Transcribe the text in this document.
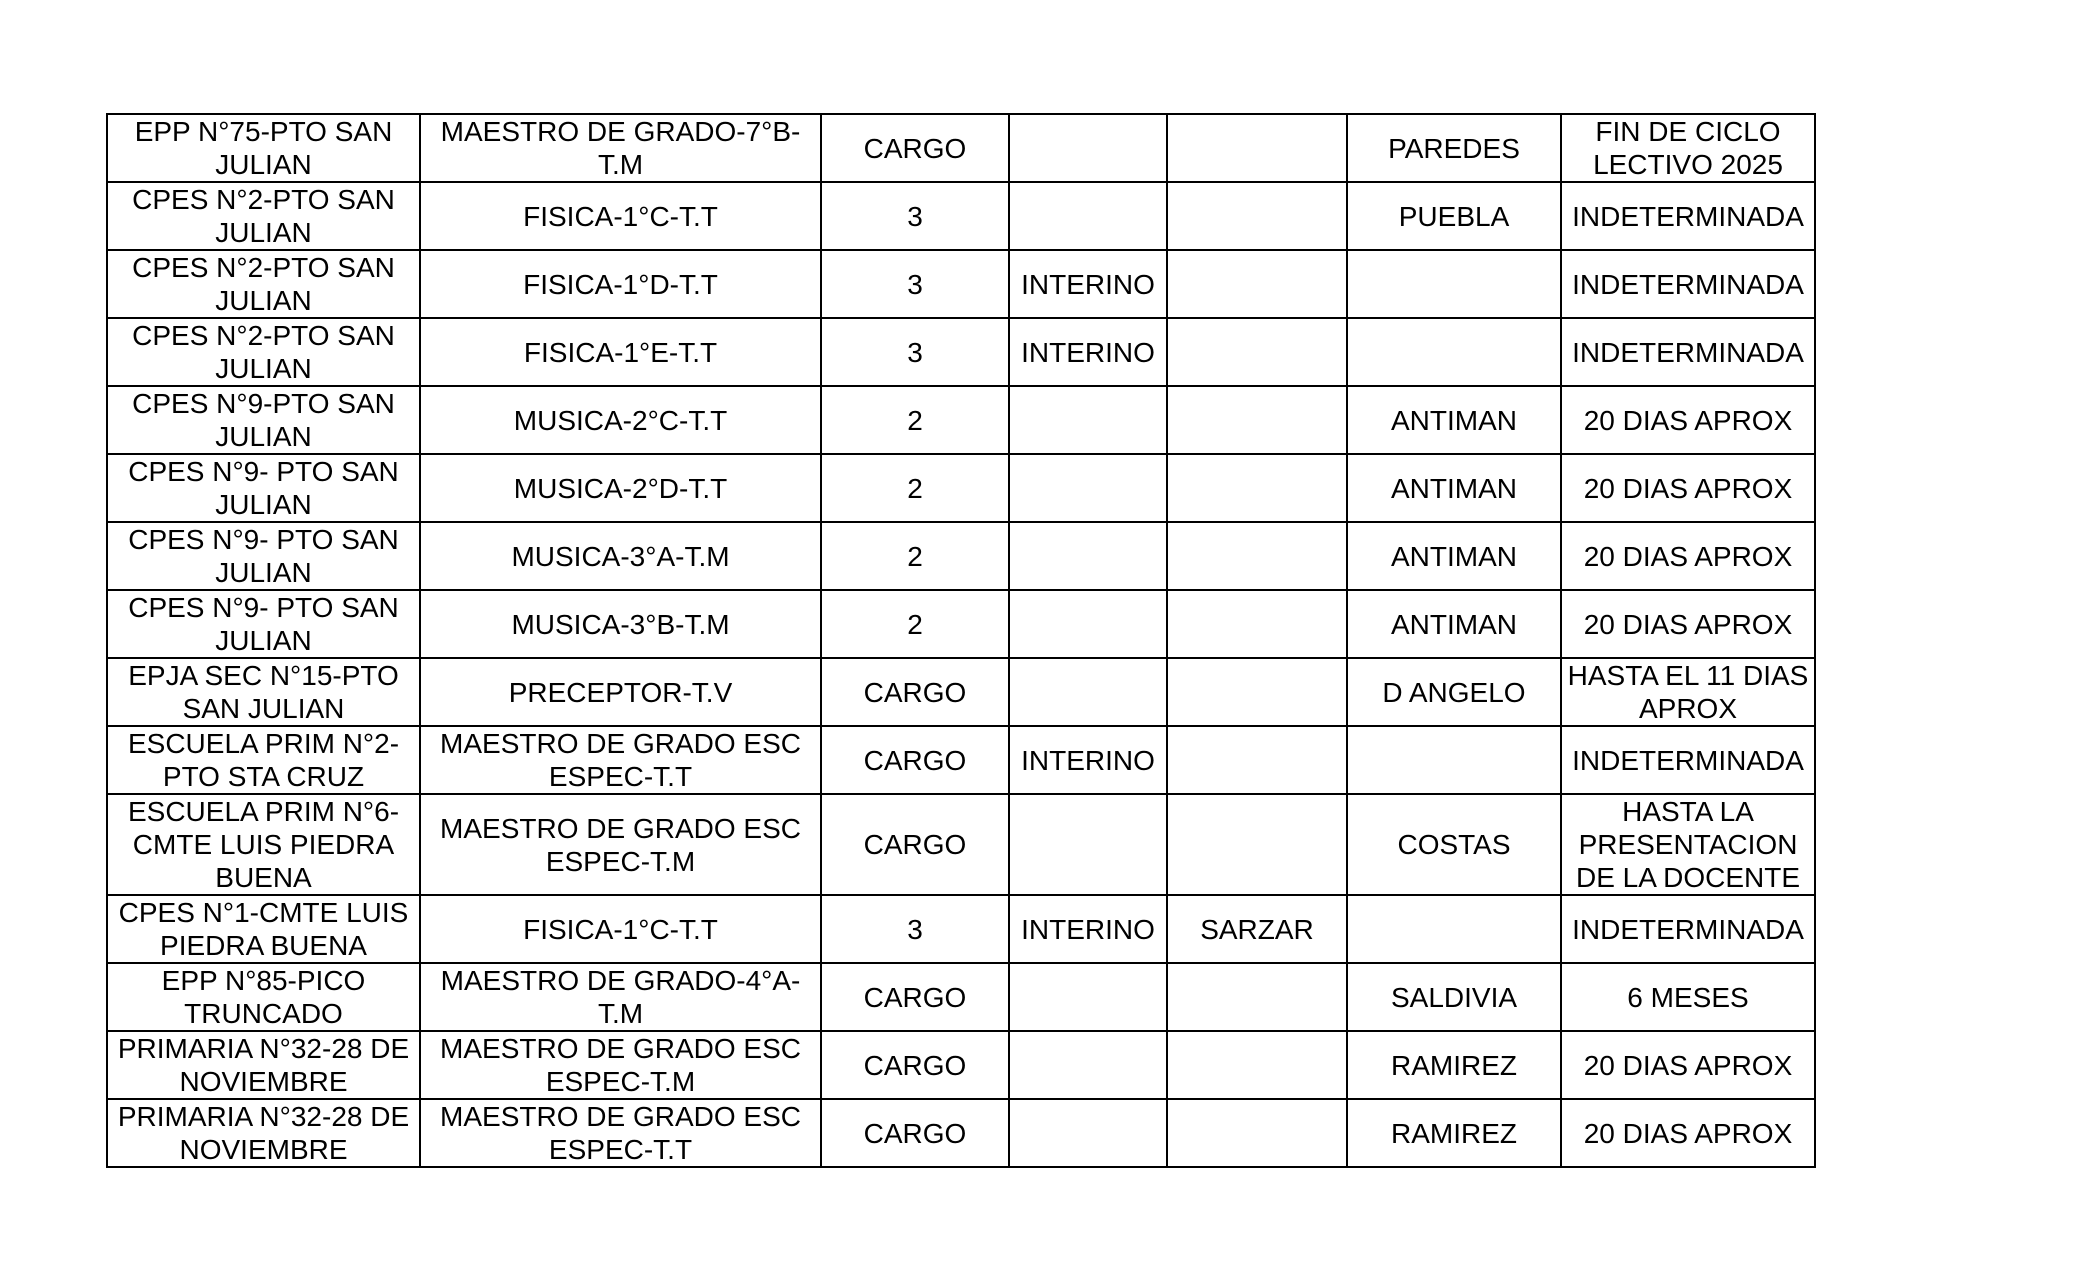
EPP N°75-PTO SAN JULIAN	MAESTRO DE GRADO-7°B-T.M	CARGO			PAREDES	FIN DE CICLO LECTIVO 2025
CPES N°2-PTO SAN JULIAN	FISICA-1°C-T.T	3			PUEBLA	INDETERMINADA
CPES N°2-PTO SAN JULIAN	FISICA-1°D-T.T	3	INTERINO			INDETERMINADA
CPES N°2-PTO SAN JULIAN	FISICA-1°E-T.T	3	INTERINO			INDETERMINADA
CPES N°9-PTO SAN JULIAN	MUSICA-2°C-T.T	2			ANTIMAN	20 DIAS APROX
CPES N°9- PTO SAN JULIAN	MUSICA-2°D-T.T	2			ANTIMAN	20 DIAS APROX
CPES N°9- PTO SAN JULIAN	MUSICA-3°A-T.M	2			ANTIMAN	20 DIAS APROX
CPES N°9- PTO SAN JULIAN	MUSICA-3°B-T.M	2			ANTIMAN	20 DIAS APROX
EPJA SEC N°15-PTO SAN JULIAN	PRECEPTOR-T.V	CARGO			D ANGELO	HASTA EL 11 DIAS APROX
ESCUELA PRIM N°2-PTO STA CRUZ	MAESTRO DE GRADO ESC ESPEC-T.T	CARGO	INTERINO			INDETERMINADA
ESCUELA PRIM N°6-CMTE LUIS PIEDRA BUENA	MAESTRO DE GRADO ESC ESPEC-T.M	CARGO			COSTAS	HASTA LA PRESENTACION DE LA DOCENTE
CPES N°1-CMTE LUIS PIEDRA BUENA	FISICA-1°C-T.T	3	INTERINO	SARZAR		INDETERMINADA
EPP N°85-PICO TRUNCADO	MAESTRO DE GRADO-4°A-T.M	CARGO			SALDIVIA	6 MESES
PRIMARIA N°32-28 DE NOVIEMBRE	MAESTRO DE GRADO ESC ESPEC-T.M	CARGO			RAMIREZ	20 DIAS APROX
PRIMARIA N°32-28 DE NOVIEMBRE	MAESTRO DE GRADO ESC ESPEC-T.T	CARGO			RAMIREZ	20 DIAS APROX
